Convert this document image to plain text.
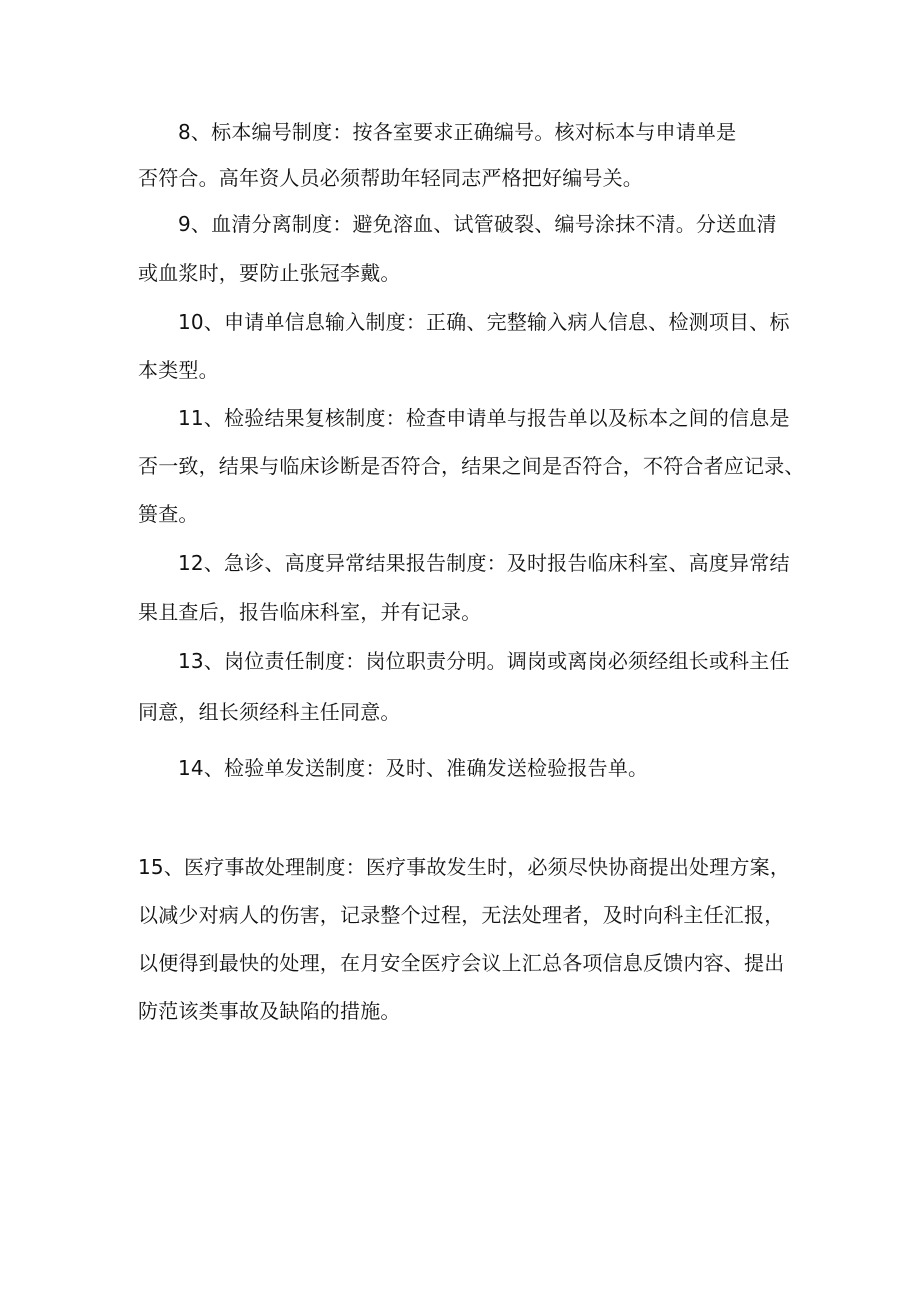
8、标本编号制度：按各室要求正确编号。核对标本与申请单是
否符合。高年资人员必须帮助年轻同志严格把好编号关。
9、血清分离制度：避免溶血、试管破裂、编号涂抹不清。分送血清
或血浆时，要防止张冠李戴。
10、申请单信息输入制度：正确、完整输入病人信息、检测项目、标
本类型。
11、检验结果复核制度：检查申请单与报告单以及标本之间的信息是
否一致，结果与临床诊断是否符合，结果之间是否符合，不符合者应记录、
篑查。
12、急诊、高度异常结果报告制度：及时报告临床科室、高度异常结
果且查后，报告临床科室，并有记录。
13、岗位责任制度：岗位职责分明。调岗或离岗必须经组长或科主任
同意，组长须经科主任同意。
14、检验单发送制度：及时、准确发送检验报告单。
15、医疗事故处理制度：医疗事故发生时，必须尽快协商提出处理方案，
以减少对病人的伤害，记录整个过程，无法处理者，及时向科主任汇报，
以便得到最快的处理，在月安全医疗会议上汇总各项信息反馈内容、提出
防范该类事故及缺陷的措施。
